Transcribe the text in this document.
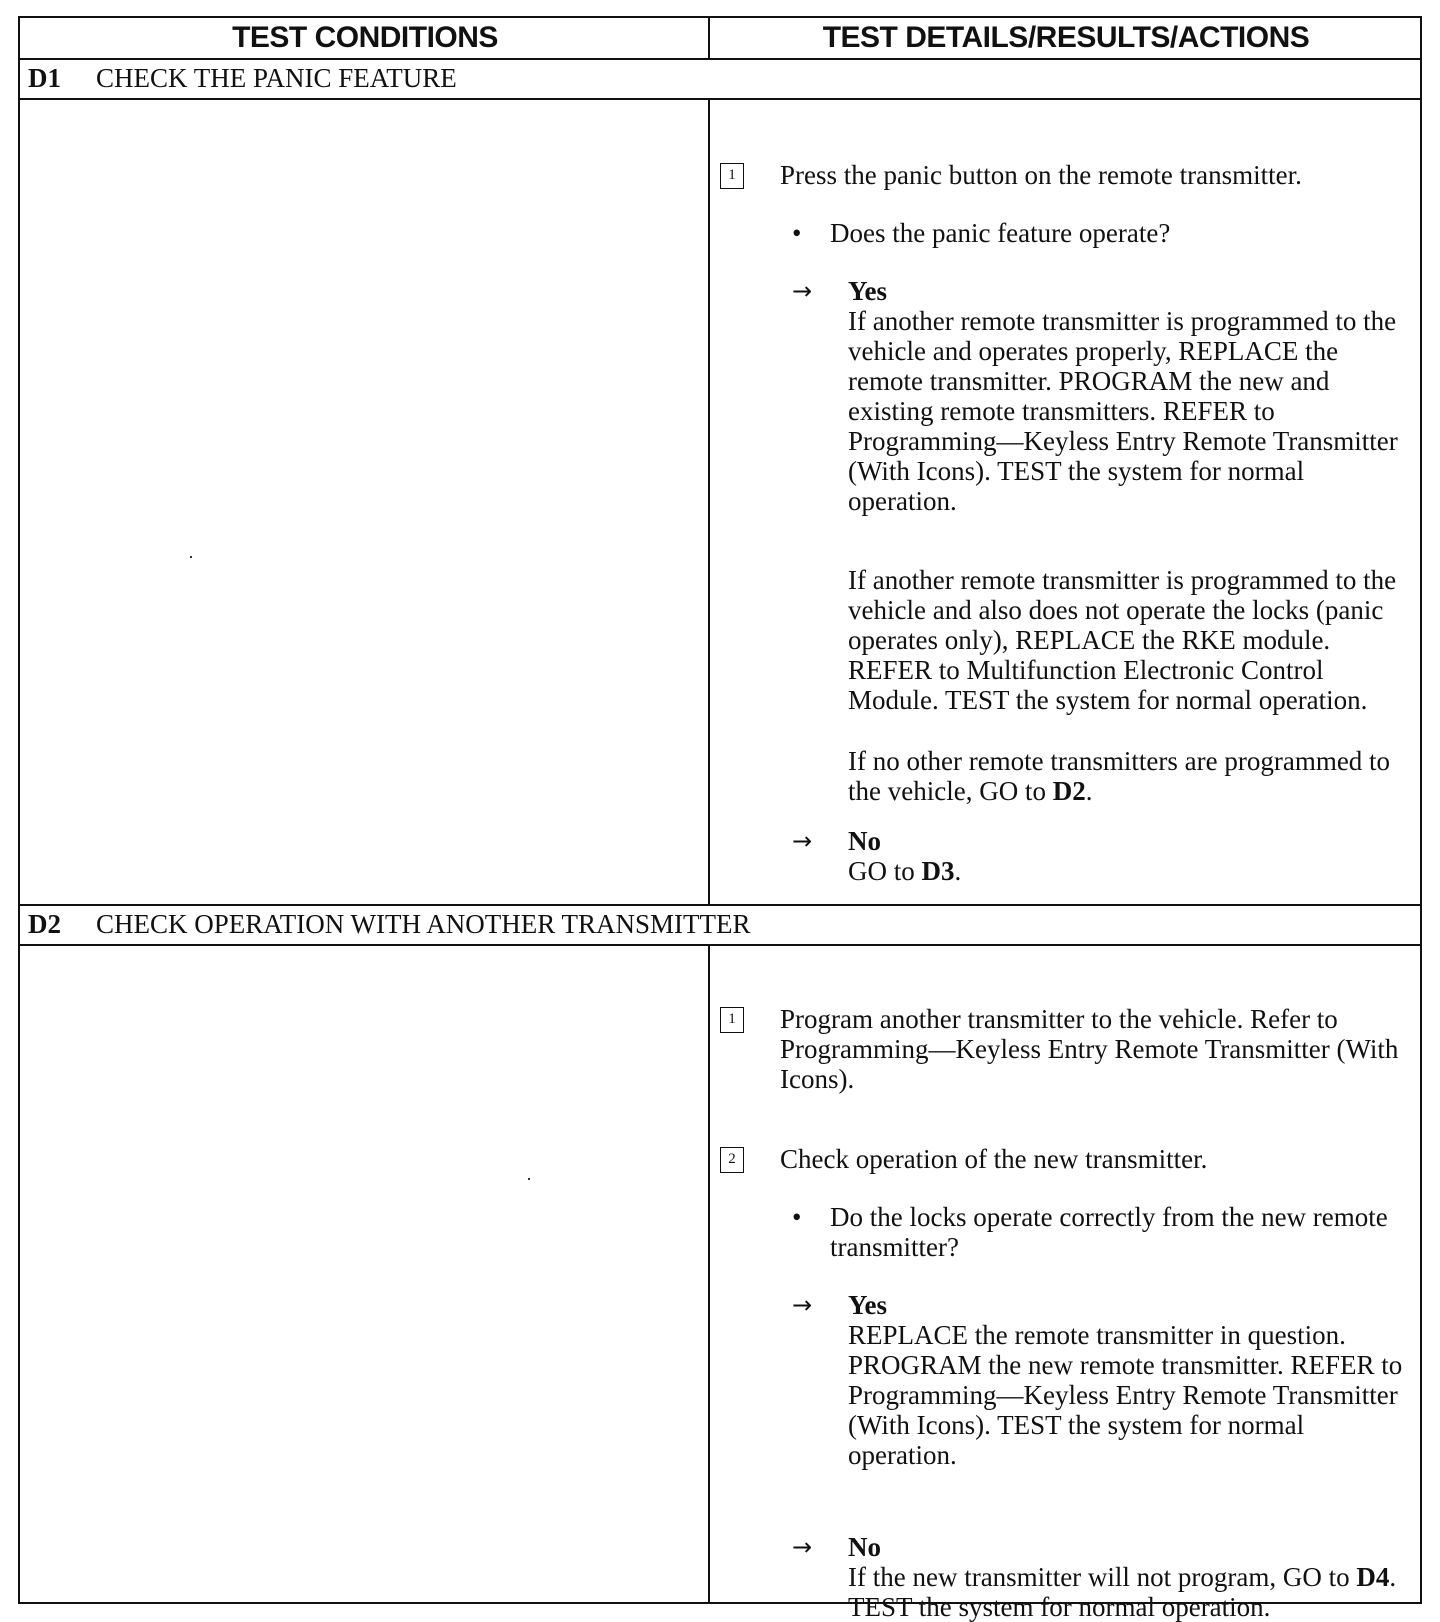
TEST CONDITIONS	TEST DETAILS/RESULTS/ACTIONS
D1 CHECK THE PANIC FEATURE
1	Press the panic button on the remote transmitter.
• Does the panic feature operate?
→ Yes
If another remote transmitter is programmed to the vehicle and operates properly, REPLACE the remote transmitter. PROGRAM the new and existing remote transmitters. REFER to Programming—Keyless Entry Remote Transmitter (With Icons). TEST the system for normal operation.
If another remote transmitter is programmed to the vehicle and also does not operate the locks (panic operates only), REPLACE the RKE module. REFER to Multifunction Electronic Control Module. TEST the system for normal operation.
If no other remote transmitters are programmed to the vehicle, GO to D2.
→ No
GO to D3.
D2 CHECK OPERATION WITH ANOTHER TRANSMITTER
1	Program another transmitter to the vehicle. Refer to Programming—Keyless Entry Remote Transmitter (With Icons).
2	Check operation of the new transmitter.
• Do the locks operate correctly from the new remote transmitter?
→ Yes
REPLACE the remote transmitter in question. PROGRAM the new remote transmitter. REFER to Programming—Keyless Entry Remote Transmitter (With Icons). TEST the system for normal operation.
→ No
If the new transmitter will not program, GO to D4. TEST the system for normal operation.
